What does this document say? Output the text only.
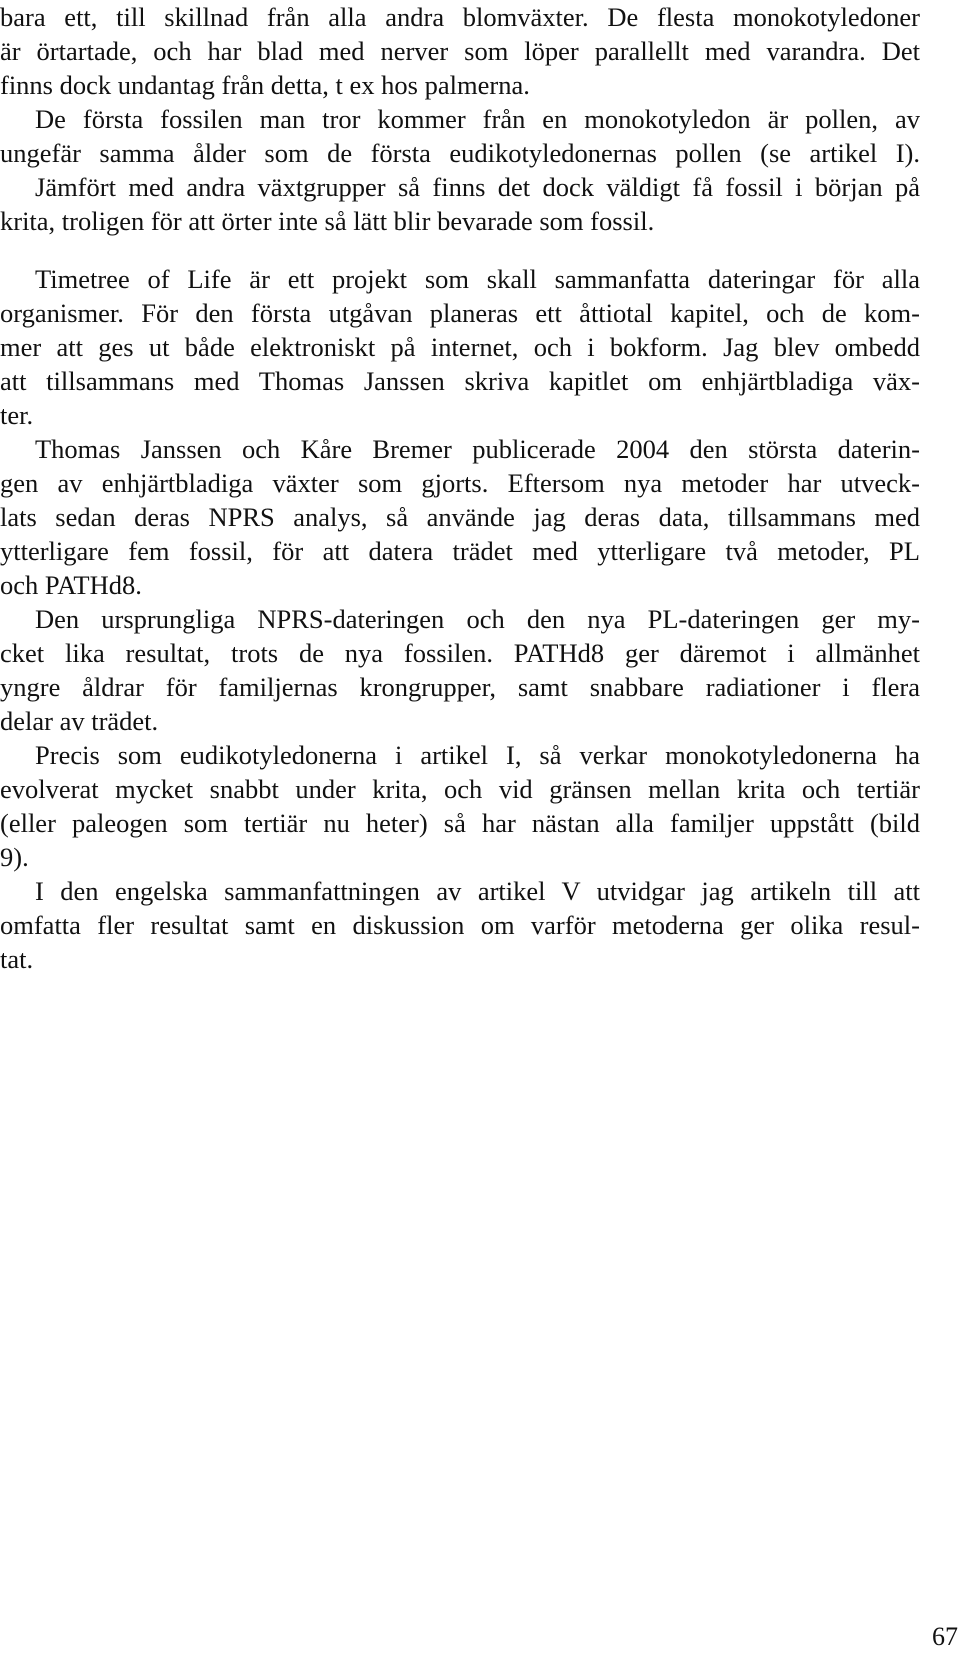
bara ett, till skillnad från alla andra blomväxter. De flesta monokotyledoner
är örtartade, och har blad med nerver som löper parallellt med varandra. Det
finns dock undantag från detta, t ex hos palmerna.
De första fossilen man tror kommer från en monokotyledon är pollen, av
ungefär samma ålder som de första eudikotyledonernas pollen (se artikel I).
Jämfört med andra växtgrupper så finns det dock väldigt få fossil i början på
krita, troligen för att örter inte så lätt blir bevarade som fossil.
Timetree of Life är ett projekt som skall sammanfatta dateringar för alla
organismer. För den första utgåvan planeras ett åttiotal kapitel, och de kom-
mer att ges ut både elektroniskt på internet, och i bokform. Jag blev ombedd
att tillsammans med Thomas Janssen skriva kapitlet om enhjärtbladiga väx-
ter.
Thomas Janssen och Kåre Bremer publicerade 2004 den största daterin-
gen av enhjärtbladiga växter som gjorts. Eftersom nya metoder har utveck-
lats sedan deras NPRS analys, så använde jag deras data, tillsammans med
ytterligare fem fossil, för att datera trädet med ytterligare två metoder, PL
och PATHd8.
Den ursprungliga NPRS-dateringen och den nya PL-dateringen ger my-
cket lika resultat, trots de nya fossilen. PATHd8 ger däremot i allmänhet
yngre åldrar för familjernas krongrupper, samt snabbare radiationer i flera
delar av trädet.
Precis som eudikotyledonerna i artikel I, så verkar monokotyledonerna ha
evolverat mycket snabbt under krita, och vid gränsen mellan krita och tertiär
(eller paleogen som tertiär nu heter) så har nästan alla familjer uppstått (bild
9).
I den engelska sammanfattningen av artikel V utvidgar jag artikeln till att
omfatta fler resultat samt en diskussion om varför metoderna ger olika resul-
tat.
67
